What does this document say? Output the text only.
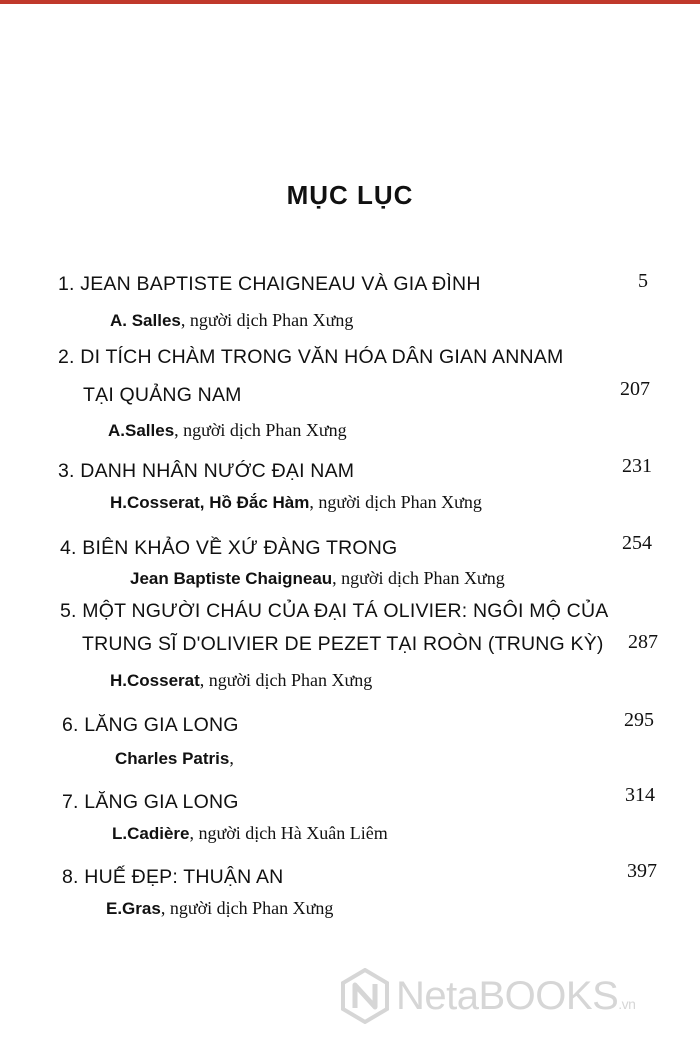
MỤC LỤC
1. JEAN BAPTISTE CHAIGNEAU VÀ GIA ĐÌNH	5
A. Salles, người dịch Phan Xưng
2. DI TÍCH CHÀM TRONG VĂN HÓA DÂN GIAN ANNAM
TẠI QUẢNG NAM	207
A.Salles, người dịch Phan Xưng
3. DANH NHÂN NƯỚC ĐẠI NAM	231
H.Cosserat, Hồ Đắc Hàm, người dịch Phan Xưng
4. BIÊN KHẢO VỀ XỨ ĐÀNG TRONG	254
Jean Baptiste Chaigneau, người dịch Phan Xưng
5. MỘT NGƯỜI CHÁU CỦA ĐẠI TÁ OLIVIER: NGÔI MỘ CỦA
TRUNG SĨ D'OLIVIER DE PEZET TẠI ROÒN (TRUNG KỲ)	287
H.Cosserat, người dịch Phan Xưng
6. LĂNG GIA LONG	295
Charles Patris,
7. LĂNG GIA LONG	314
L.Cadière, người dịch Hà Xuân Liêm
8. HUẾ ĐẸP: THUẬN AN	397
E.Gras, người dịch Phan Xưng
NetaBOOKS.vn
